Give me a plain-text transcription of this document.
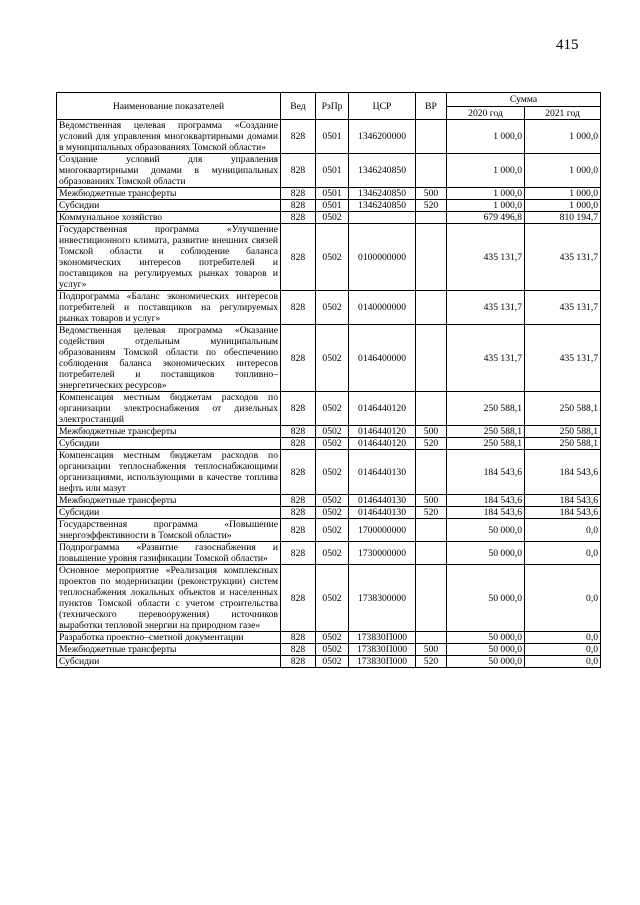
415
Наименование показателей	Вед	РзПр	ЦСР	ВР	Сумма	
					2020 год	2021 год
Ведомственная целевая программа «Создание условий для управления многоквартирными домами в муниципальных образованиях Томской области»	828	0501	1346200000		1 000,0	1 000,0
Создание условий для управления многоквартирными домами в муниципальных образованиях Томской области	828	0501	1346240850		1 000,0	1 000,0
Межбюджетные трансферты	828	0501	1346240850	500	1 000,0	1 000,0
Субсидии	828	0501	1346240850	520	1 000,0	1 000,0
Коммунальное хозяйство	828	0502			679 496,8	810 194,7
Государственная программа «Улучшение инвестиционного климата, развитие внешних связей Томской области и соблюдение баланса экономических интересов потребителей и поставщиков на регулируемых рынках товаров и услуг»	828	0502	0100000000		435 131,7	435 131,7
Подпрограмма «Баланс экономических интересов потребителей и поставщиков на регулируемых рынках товаров и услуг»	828	0502	0140000000		435 131,7	435 131,7
Ведомственная целевая программа «Оказание содействия отдельным муниципальным образованиям Томской области по обеспечению соблюдения баланса экономических интересов потребителей и поставщиков топливно–энергетических ресурсов»	828	0502	0146400000		435 131,7	435 131,7
Компенсация местным бюджетам расходов по организации электроснабжения от дизельных электростанций	828	0502	0146440120		250 588,1	250 588,1
Межбюджетные трансферты	828	0502	0146440120	500	250 588,1	250 588,1
Субсидии	828	0502	0146440120	520	250 588,1	250 588,1
Компенсация местным бюджетам расходов по организации теплоснабжения теплоснабжающими организациями, использующими в качестве топлива нефть или мазут	828	0502	0146440130		184 543,6	184 543,6
Межбюджетные трансферты	828	0502	0146440130	500	184 543,6	184 543,6
Субсидии	828	0502	0146440130	520	184 543,6	184 543,6
Государственная программа «Повышение энергоэффективности в Томской области»	828	0502	1700000000		50 000,0	0,0
Подпрограмма «Развитие газоснабжения и повышение уровня газификации Томской области»	828	0502	1730000000		50 000,0	0,0
Основное мероприятие «Реализация комплексных проектов по модернизации (реконструкции) систем теплоснабжения локальных объектов и населенных пунктов Томской области с учетом строительства (технического перевооружения) источников выработки тепловой энергии на природном газе»	828	0502	1738300000		50 000,0	0,0
Разработка проектно–сметной документации	828	0502	173830П000		50 000,0	0,0
Межбюджетные трансферты	828	0502	173830П000	500	50 000,0	0,0
Субсидии	828	0502	173830П000	520	50 000,0	0,0
